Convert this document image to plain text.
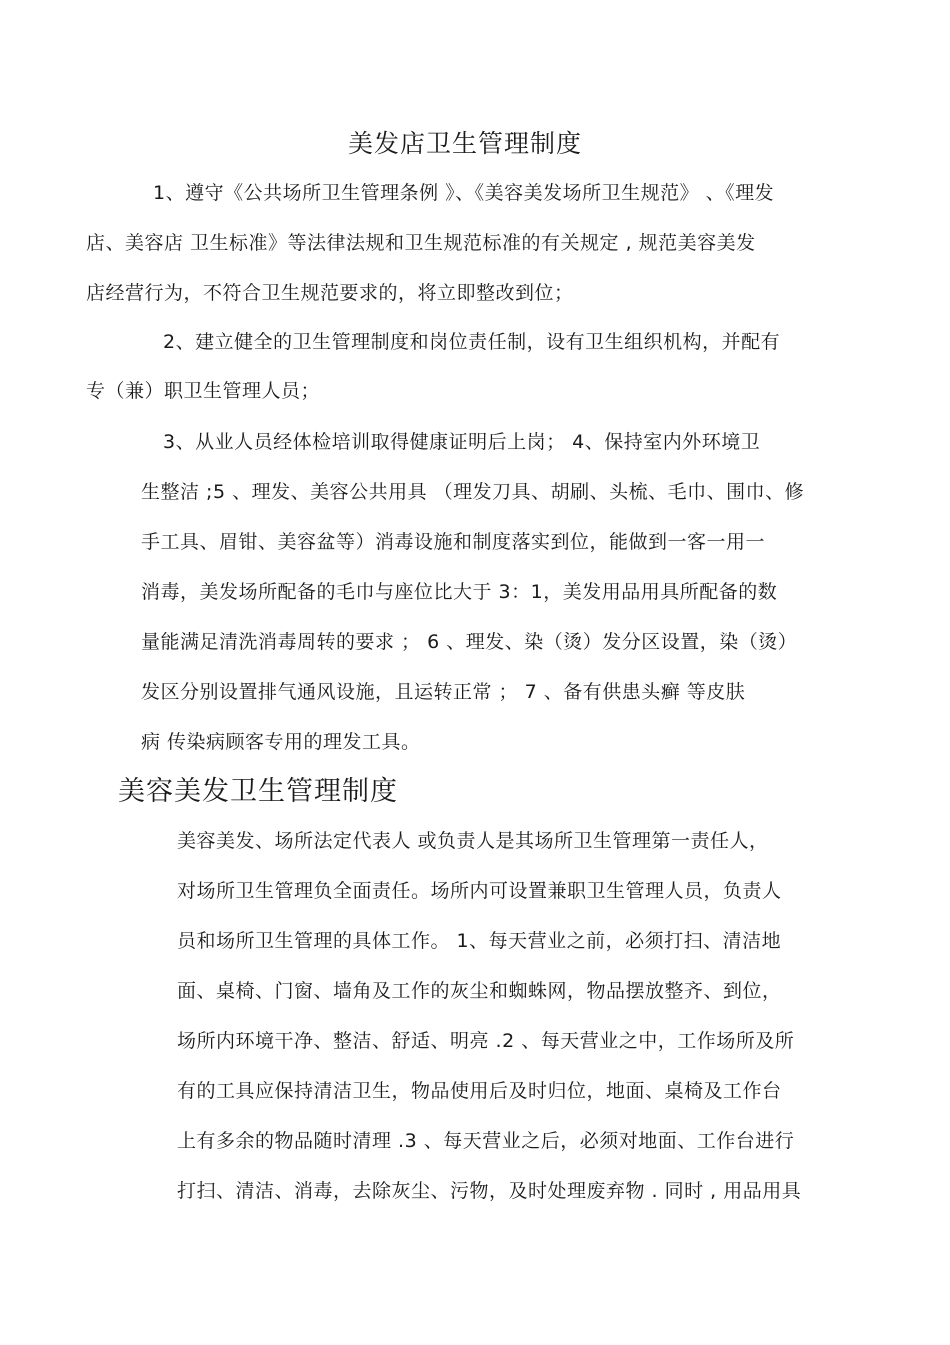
美发店卫生管理制度
1、遵守《公共场所卫生管理条例 》、《美容美发场所卫生规范》 、《理发
店、美容店 卫生标准》等法律法规和卫生规范标准的有关规定 , 规范美容美发
店经营行为，不符合卫生规范要求的，将立即整改到位；
2、建立健全的卫生管理制度和岗位责任制，设有卫生组织机构，并配有
专（兼）职卫生管理人员；
3、从业人员经体检培训取得健康证明后上岗； 4、保持室内外环境卫
生整洁 ;5 、理发、美容公共用具 （理发刀具、胡刷、头梳、毛巾、围巾、修
手工具、眉钳、美容盆等）消毒设施和制度落实到位，能做到一客一用一
消毒，美发场所配备的毛巾与座位比大于 3：1，美发用品用具所配备的数
量能满足清洗消毒周转的要求 ； 6 、理发、染（烫）发分区设置，染（烫）
发区分别设置排气通风设施，且运转正常 ； 7 、备有供患头癣 等皮肤
病 传染病顾客专用的理发工具。
美容美发卫生管理制度
美容美发、场所法定代表人 或负责人是其场所卫生管理第一责任人，
对场所卫生管理负全面责任。场所内可设置兼职卫生管理人员，负责人
员和场所卫生管理的具体工作。 1、每天营业之前，必须打扫、清洁地
面、桌椅、门窗、墙角及工作的灰尘和蜘蛛网，物品摆放整齐、到位，
场所内环境干净、整洁、舒适、明亮 .2 、每天营业之中，工作场所及所
有的工具应保持清洁卫生，物品使用后及时归位，地面、桌椅及工作台
上有多余的物品随时清理 .3 、每天营业之后，必须对地面、工作台进行
打扫、清洁、消毒，去除灰尘、污物，及时处理废弃物 . 同时 , 用品用具
